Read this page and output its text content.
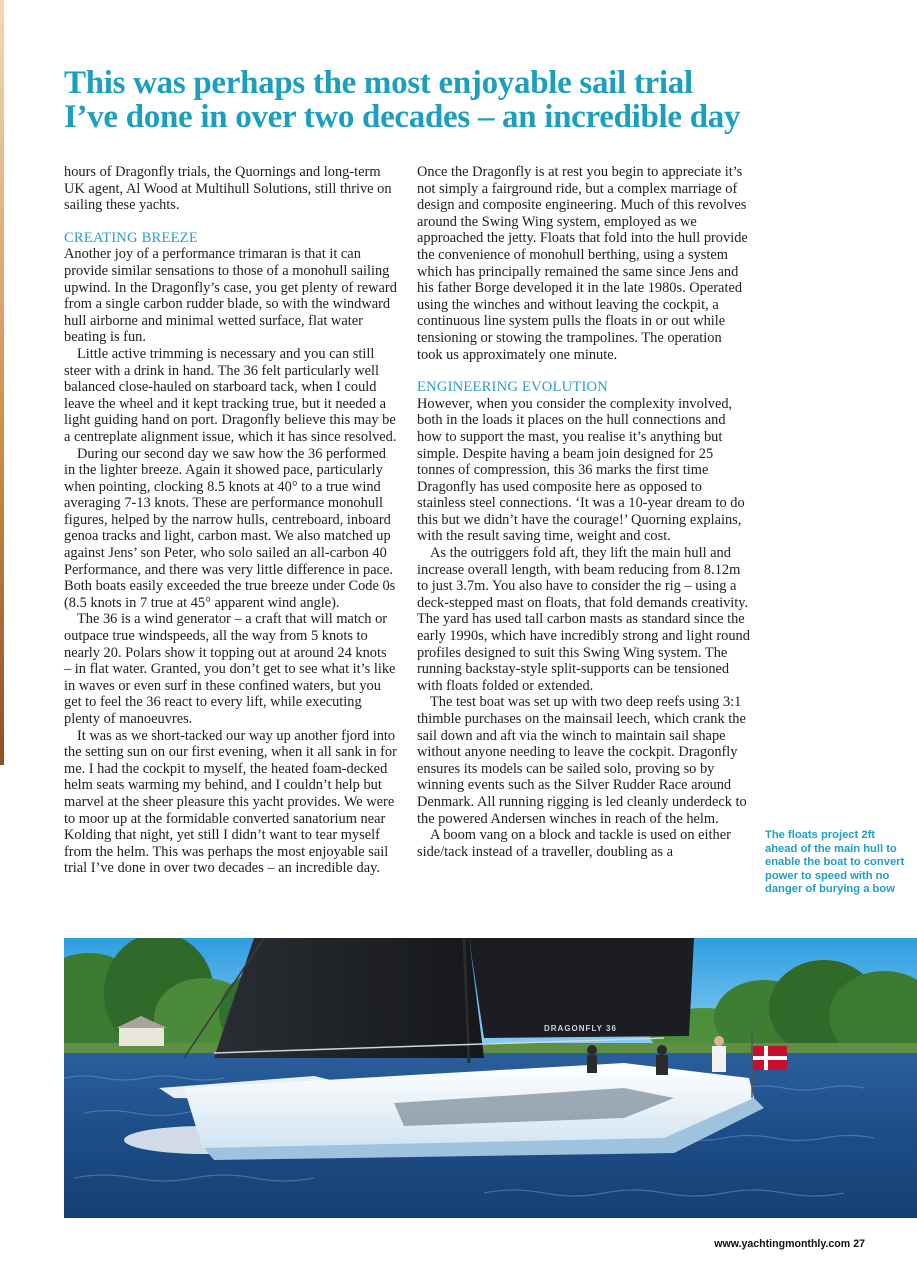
This was perhaps the most enjoyable sail trial
I’ve done in over two decades – an incredible day

hours of Dragonfly trials, the Quornings and long-term UK agent, Al Wood at Multihull Solutions, still thrive on sailing these yachts.

CREATING BREEZE

Another joy of a performance trimaran is that it can provide similar sensations to those of a monohull sailing upwind. In the Dragonfly’s case, you get plenty of reward from a single carbon rudder blade, so with the windward hull airborne and minimal wetted surface, flat water beating is fun.

Little active trimming is necessary and you can still steer with a drink in hand. The 36 felt particularly well balanced close-hauled on starboard tack, when I could leave the wheel and it kept tracking true, but it needed a light guiding hand on port. Dragonfly believe this may be a centreplate alignment issue, which it has since resolved.

During our second day we saw how the 36 performed in the lighter breeze. Again it showed pace, particularly when pointing, clocking 8.5 knots at 40° to a true wind averaging 7-13 knots. These are performance monohull figures, helped by the narrow hulls, centreboard, inboard genoa tracks and light, carbon mast. We also matched up against Jens’ son Peter, who solo sailed an all-carbon 40 Performance, and there was very little difference in pace. Both boats easily exceeded the true breeze under Code 0s (8.5 knots in 7 true at 45° apparent wind angle).

The 36 is a wind generator – a craft that will match or outpace true windspeeds, all the way from 5 knots to nearly 20. Polars show it topping out at around 24 knots – in flat water. Granted, you don’t get to see what it’s like in waves or even surf in these confined waters, but you get to feel the 36 react to every lift, while executing plenty of manoeuvres.

It was as we short-tacked our way up another fjord into the setting sun on our first evening, when it all sank in for me. I had the cockpit to myself, the heated foam-decked helm seats warming my behind, and I couldn’t help but marvel at the sheer pleasure this yacht provides. We were to moor up at the formidable converted sanatorium near Kolding that night, yet still I didn’t want to tear myself from the helm. This was perhaps the most enjoyable sail trial I’ve done in over two decades – an incredible day.

Once the Dragonfly is at rest you begin to appreciate it’s not simply a fairground ride, but a complex marriage of design and composite engineering. Much of this revolves around the Swing Wing system, employed as we approached the jetty. Floats that fold into the hull provide the convenience of monohull berthing, using a system which has principally remained the same since Jens and his father Borge developed it in the late 1980s. Operated using the winches and without leaving the cockpit, a continuous line system pulls the floats in or out while tensioning or stowing the trampolines. The operation took us approximately one minute.

ENGINEERING EVOLUTION

However, when you consider the complexity involved, both in the loads it places on the hull connections and how to support the mast, you realise it’s anything but simple. Despite having a beam join designed for 25 tonnes of compression, this 36 marks the first time Dragonfly has used composite here as opposed to stainless steel connections. ‘It was a 10-year dream to do this but we didn’t have the courage!’ Quorning explains, with the result saving time, weight and cost.

As the outriggers fold aft, they lift the main hull and increase overall length, with beam reducing from 8.12m to just 3.7m. You also have to consider the rig – using a deck-stepped mast on floats, that fold demands creativity. The yard has used tall carbon masts as standard since the early 1990s, which have incredibly strong and light round profiles designed to suit this Swing Wing system. The running backstay-style split-supports can be tensioned with floats folded or extended.

The test boat was set up with two deep reefs using 3:1 thimble purchases on the mainsail leech, which crank the sail down and aft via the winch to maintain sail shape without anyone needing to leave the cockpit. Dragonfly ensures its models can be sailed solo, proving so by winning events such as the Silver Rudder Race around Denmark. All running rigging is led cleanly underdeck to the powered Andersen winches in reach of the helm.

A boom vang on a block and tackle is used on either side/tack instead of a traveller, doubling as a

The floats project 2ft ahead of the main hull to enable the boat to convert power to speed with no danger of burying a bow
DRAGONFLY 36
www.yachtingmonthly.com 27
